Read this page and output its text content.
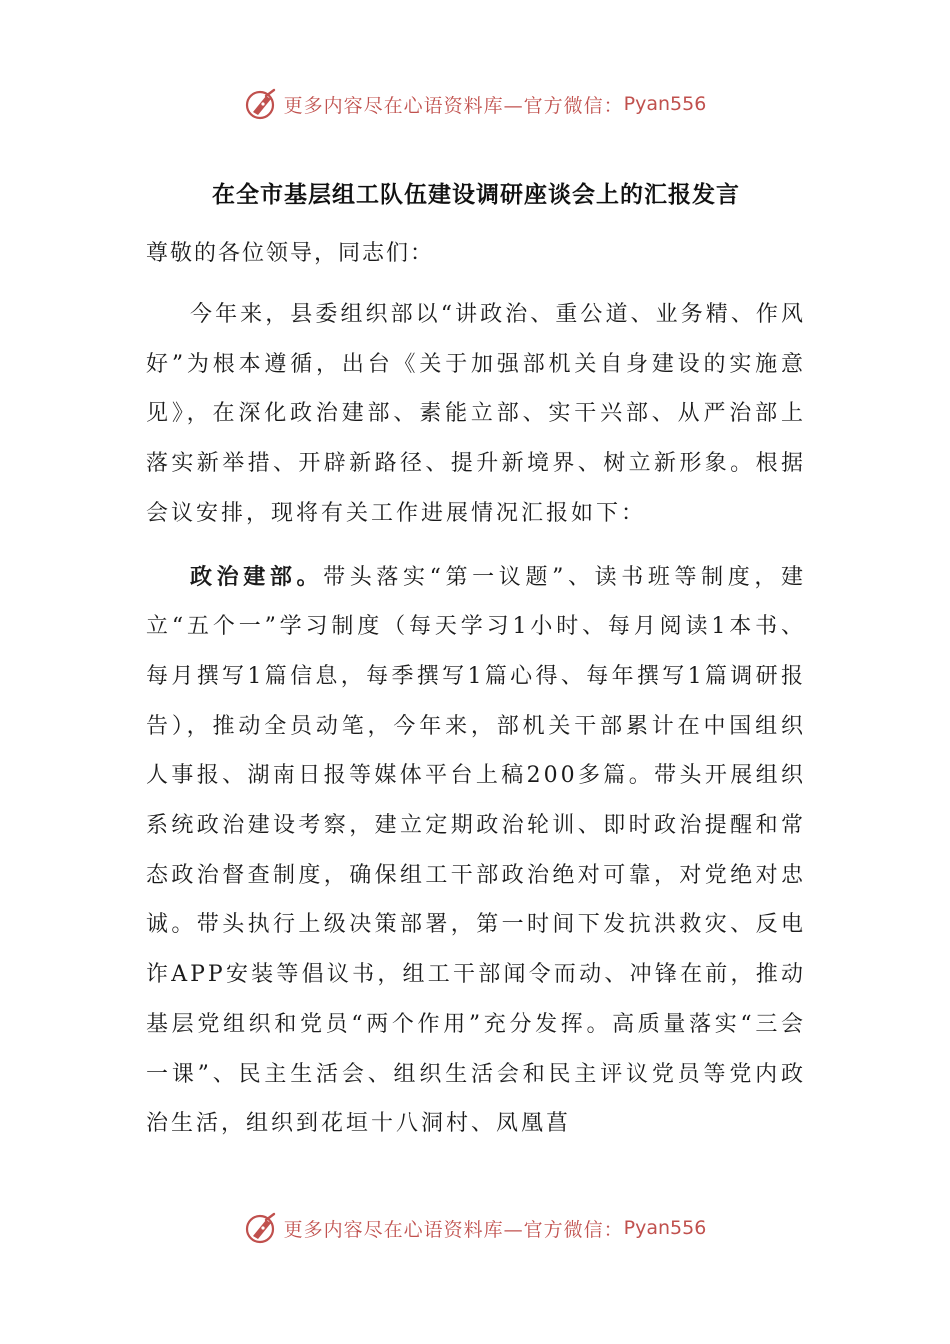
更多内容尽在心语资料库—官方微信： Pyan556
在全市基层组工队伍建设调研座谈会上的汇报发言

尊敬的各位领导，同志们：

今年来，县委组织部以“讲政治、重公道、业务精、作风好”为根本遵循，出台《关于加强部机关自身建设的实施意见》，在深化政治建部、素能立部、实干兴部、从严治部上落实新举措、开辟新路径、提升新境界、树立新形象。根据会议安排，现将有关工作进展情况汇报如下：

政治建部。带头落实“第一议题”、读书班等制度，建立“五个一”学习制度（每天学习1小时、每月阅读1本书、每月撰写1篇信息，每季撰写1篇心得、每年撰写1篇调研报告），推动全员动笔，今年来，部机关干部累计在中国组织人事报、湖南日报等媒体平台上稿200多篇。带头开展组织系统政治建设考察，建立定期政治轮训、即时政治提醒和常态政治督查制度，确保组工干部政治绝对可靠，对党绝对忠诚。带头执行上级决策部署，第一时间下发抗洪救灾、反电诈APP安装等倡议书，组工干部闻令而动、冲锋在前，推动基层党组织和党员“两个作用”充分发挥。高质量落实“三会一课”、民主生活会、组织生活会和民主评议党员等党内政治生活，组织到花垣十八洞村、凤凰菖

更多内容尽在心语资料库—官方微信： Pyan556
